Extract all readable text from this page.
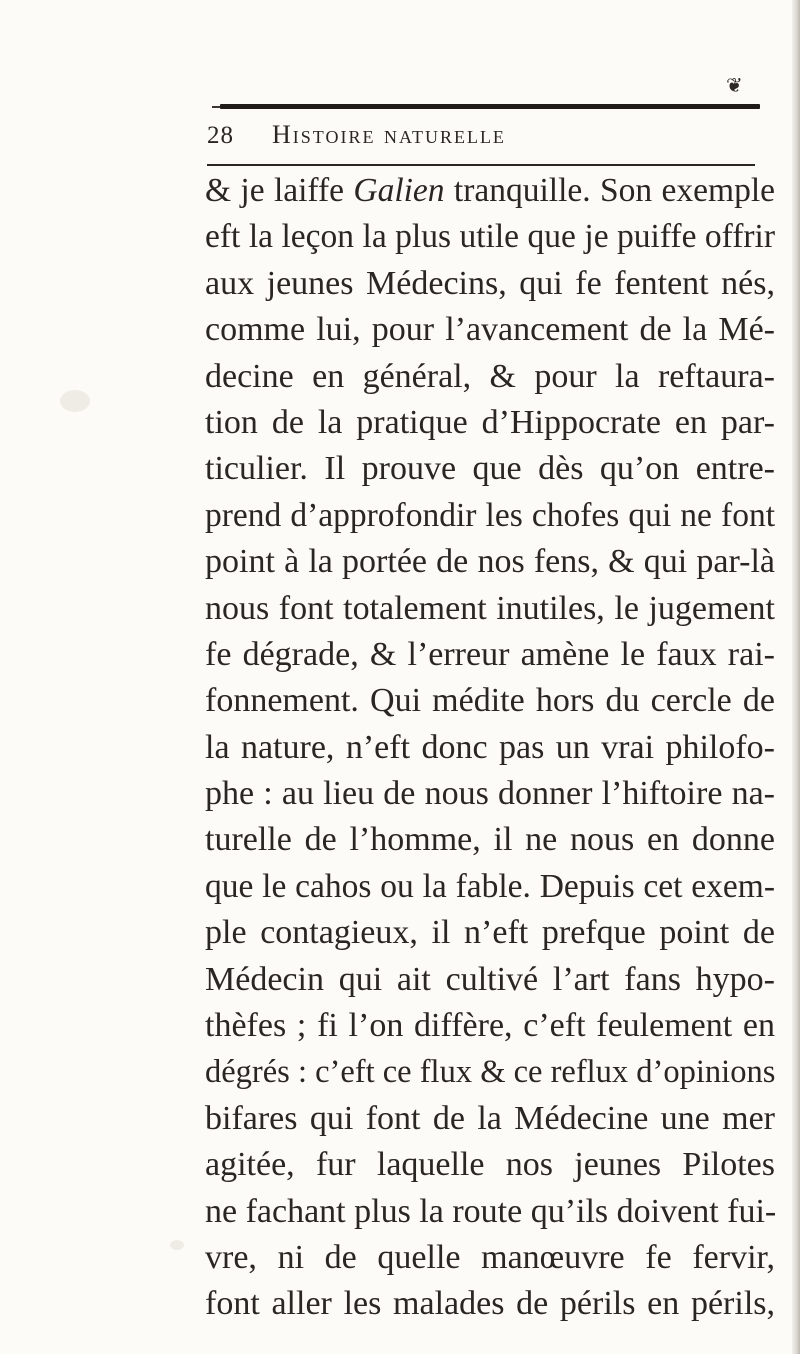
❦
28 Histoire naturelle
& je laiffe Galien tranquille. Son exemple
eft la leçon la plus utile que je puiffe offrir
aux jeunes Médecins, qui fe fentent nés,
comme lui, pour l’avancement de la Mé-
decine en général, & pour la reftaura-
tion de la pratique d’Hippocrate en par-
ticulier. Il prouve que dès qu’on entre-
prend d’approfondir les chofes qui ne font
point à la portée de nos fens, & qui par-là
nous font totalement inutiles, le jugement
fe dégrade, & l’erreur amène le faux rai-
fonnement. Qui médite hors du cercle de
la nature, n’eft donc pas un vrai philofo-
phe : au lieu de nous donner l’hiftoire na-
turelle de l’homme, il ne nous en donne
que le cahos ou la fable. Depuis cet exem-
ple contagieux, il n’eft prefque point de
Médecin qui ait cultivé l’art fans hypo-
thèfes ; fi l’on diffère, c’eft feulement en
dégrés : c’eft ce flux & ce reflux d’opinions
bifares qui font de la Médecine une mer
agitée, fur laquelle nos jeunes Pilotes
ne fachant plus la route qu’ils doivent fui-
vre, ni de quelle manœuvre fe fervir,
font aller les malades de périls en périls,
